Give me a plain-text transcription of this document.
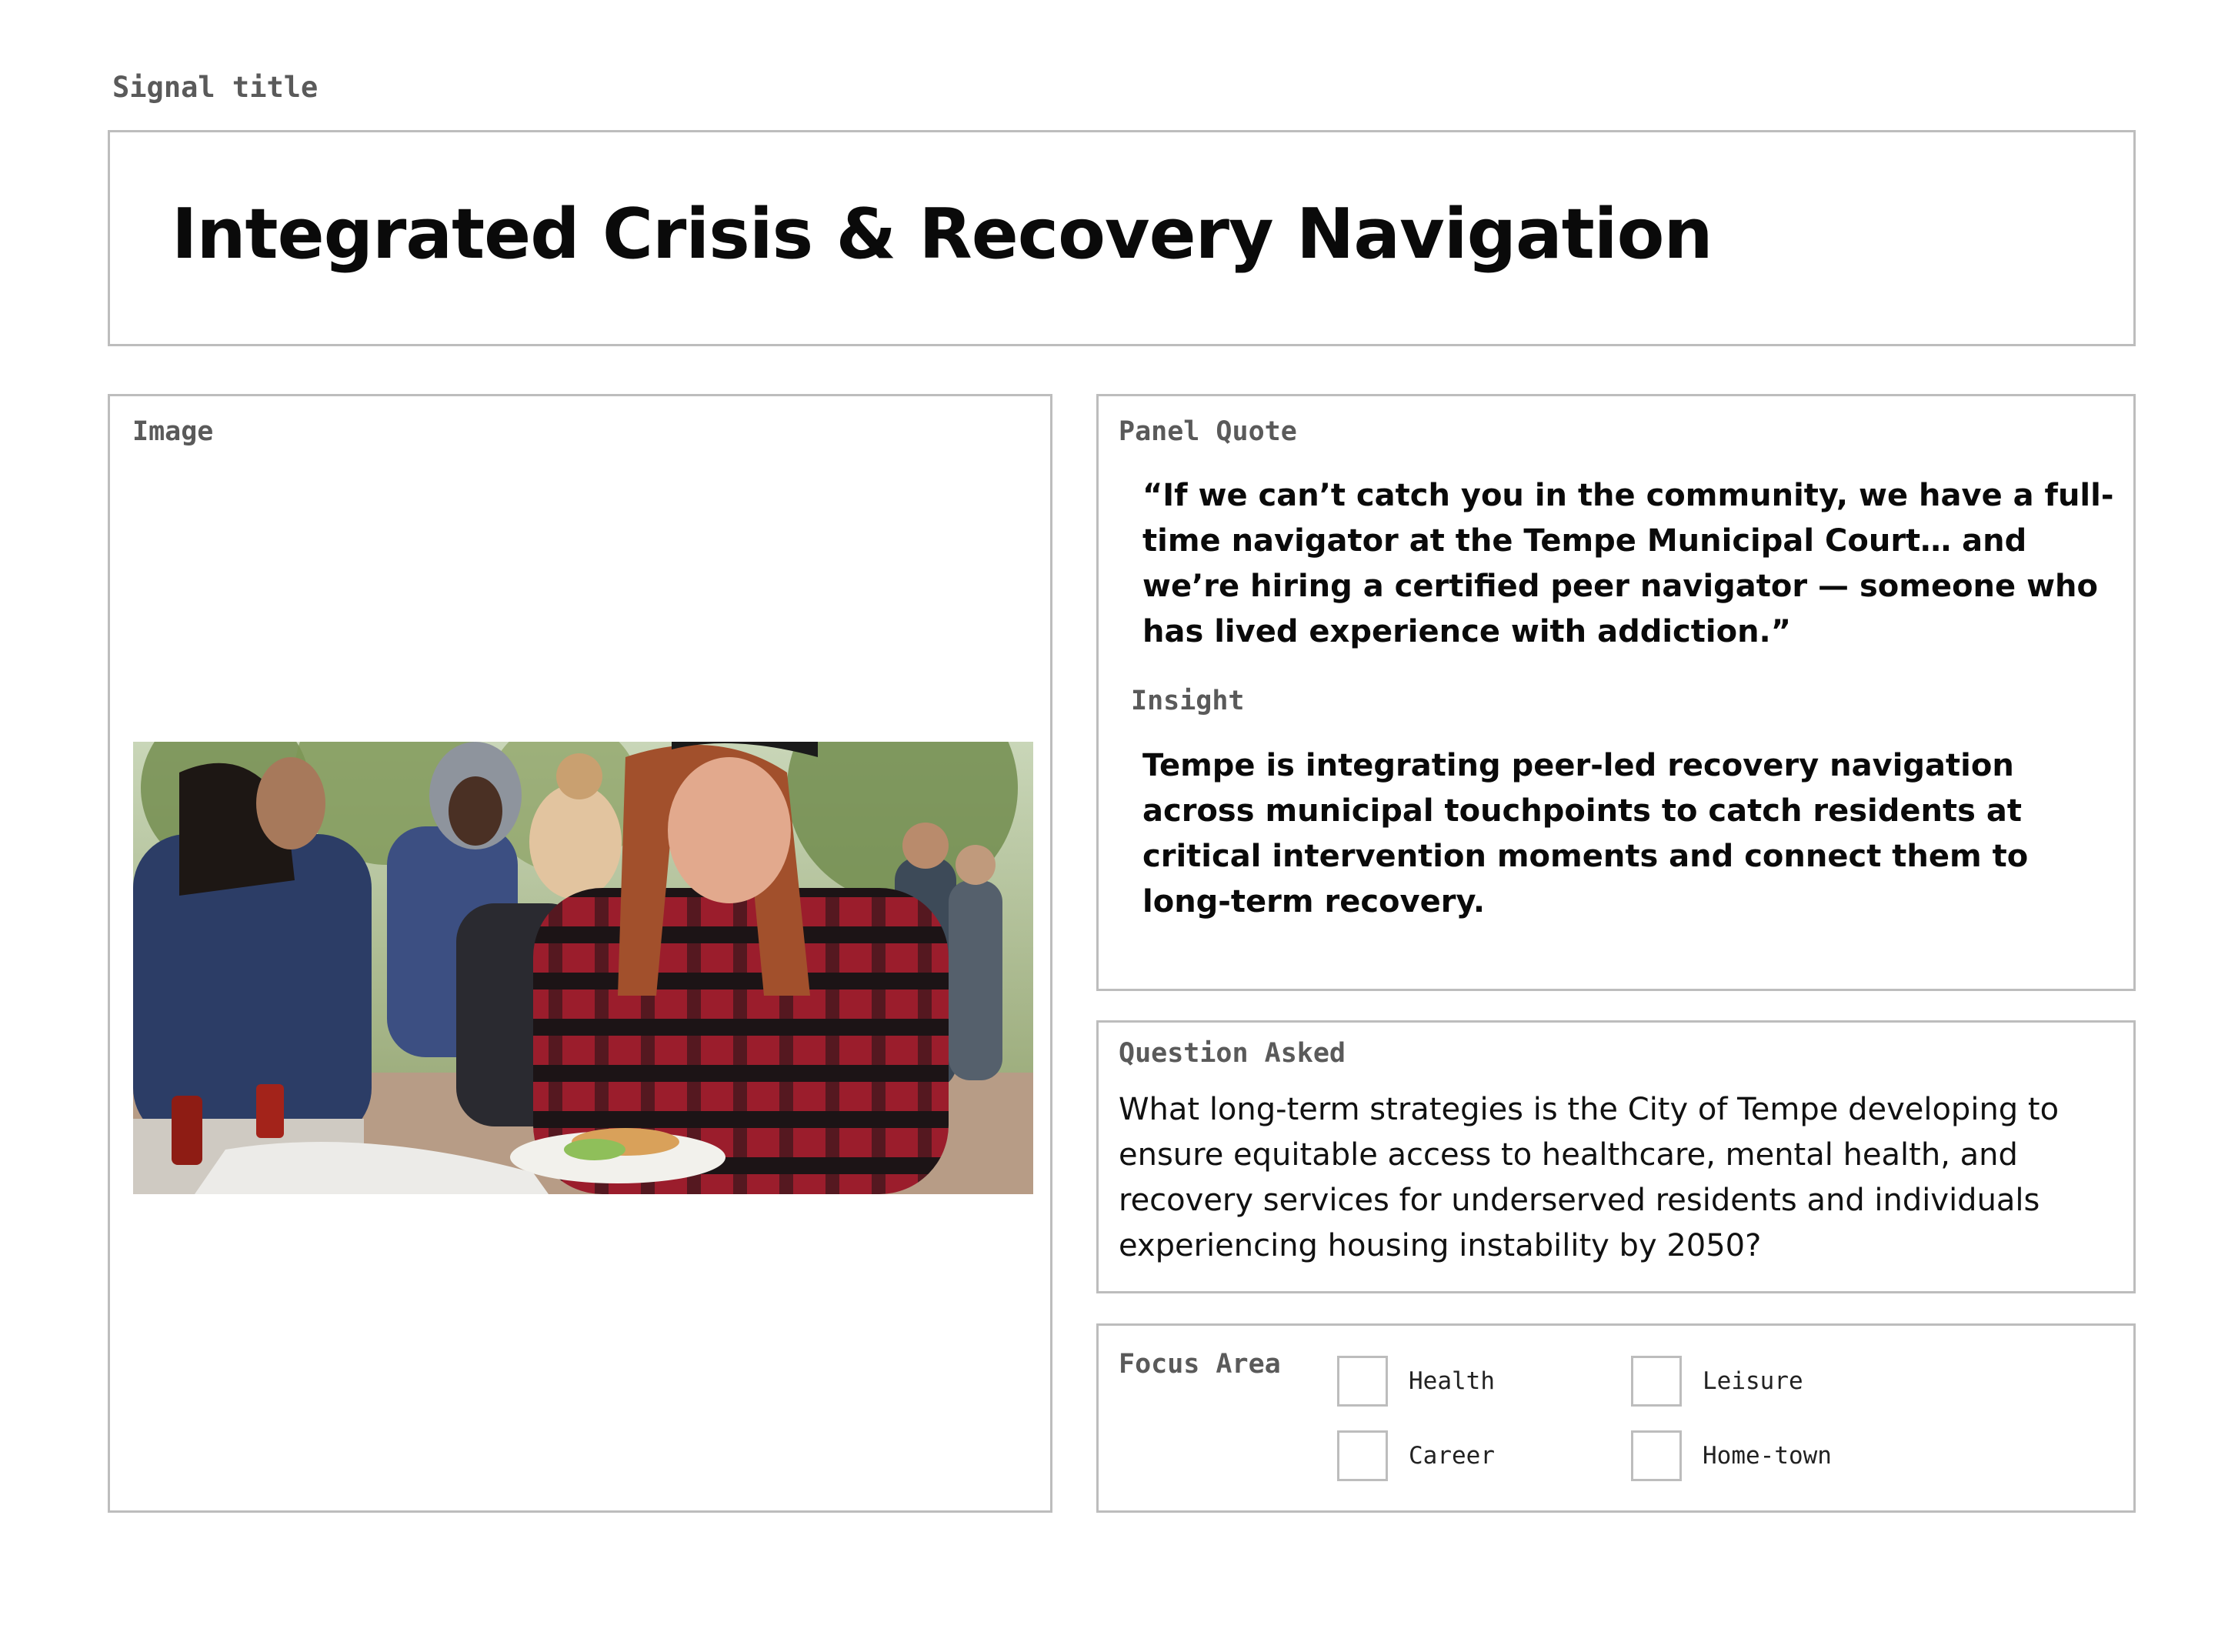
Signal title
Integrated Crisis & Recovery Navigation
Image	Panel Quote

“If we can’t catch you in the community, we have a full-time navigator at the Tempe Municipal Court… and we’re hiring a certified peer navigator — someone who has lived experience with addiction.”

Insight

Tempe is integrating peer-led recovery navigation across municipal touchpoints to catch residents at critical intervention moments and connect them to long-term recovery.

Question Asked

What long-term strategies is the City of Tempe developing to ensure equitable access to healthcare, mental health, and recovery services for underserved residents and individuals experiencing housing instability by 2050?

Focus Area
Health	Leisure
Career	Home-town
